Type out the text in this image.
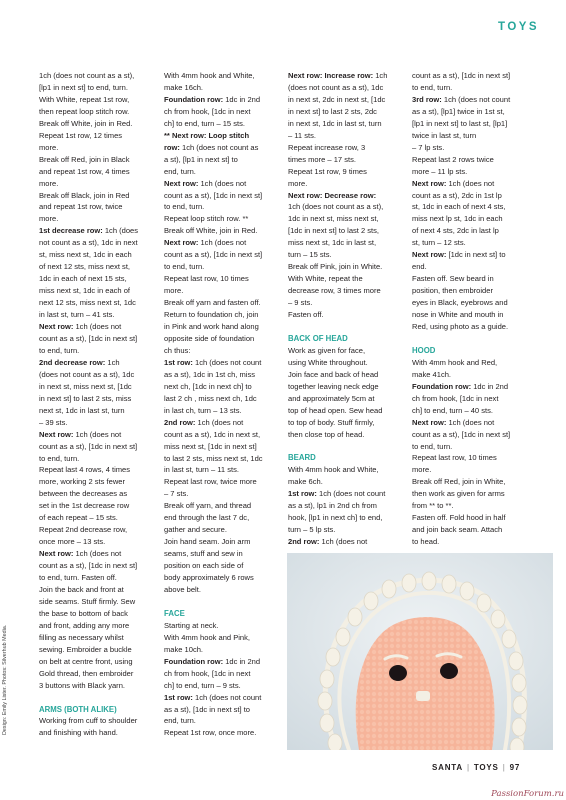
TOYS

1ch (does not count as a st),

[lp1 in next st] to end, turn.

With White, repeat 1st row,

then repeat loop stitch row.

Break off White, join in Red.

Repeat 1st row, 12 times

more.

Break off Red, join in Black

and repeat 1st row, 4 times

more.

Break off Black, join in Red

and repeat 1st row, twice

more.

1st decrease row: 1ch (does

not count as a st), 1dc in next

st, miss next st, 1dc in each

of next 12 sts, miss next st,

1dc in each of next 15 sts,

miss next st, 1dc in each of

next 12 sts, miss next st, 1dc

in last st, turn – 41 sts.

Next row: 1ch (does not

count as a st), [1dc in next st]

to end, turn.

2nd decrease row: 1ch

(does not count as a st), 1dc

in next st, miss next st, [1dc

in next st] to last 2 sts, miss

next st, 1dc in last st, turn

– 39 sts.

Next row: 1ch (does not

count as a st), [1dc in next st]

to end, turn.

Repeat last 4 rows, 4 times

more, working 2 sts fewer

between the decreases as

set in the 1st decrease row

of each repeat – 15 sts.

Repeat 2nd decrease row,

once more – 13 sts.

Next row: 1ch (does not

count as a st), [1dc in next st]

to end, turn. Fasten off.

Join the back and front at

side seams. Stuff firmly. Sew

the base to bottom of back

and front, adding any more

filling as necessary whilst

sewing. Embroider a buckle

on belt at centre front, using

Gold thread, then embroider

3 buttons with Black yarn.

ARMS (BOTH ALIKE)

Working from cuff to shoulder

and finishing with hand.

With 4mm hook and White,

make 16ch.

Foundation row: 1dc in 2nd

ch from hook, [1dc in next

ch] to end, turn – 15 sts.

** Next row: Loop stitch

row: 1ch (does not count as

a st), [lp1 in next st] to

end, turn.

Next row: 1ch (does not

count as a st), [1dc in next st]

to end, turn.

Repeat loop stitch row. **

Break off White, join in Red.

Next row: 1ch (does not

count as a st), [1dc in next st]

to end, turn.

Repeat last row, 10 times

more.

Break off yarn and fasten off.

Return to foundation ch, join

in Pink and work hand along

opposite side of foundation

ch thus:

1st row: 1ch (does not count

as a st), 1dc in 1st ch, miss

next ch, [1dc in next ch] to

last 2 ch , miss next ch, 1dc

in last ch, turn – 13 sts.

2nd row: 1ch (does not

count as a st), 1dc in next st,

miss next st, [1dc in next st]

to last 2 sts, miss next st, 1dc

in last st, turn – 11 sts.

Repeat last row, twice more

– 7 sts.

Break off yarn, and thread

end through the last 7 dc,

gather and secure.

Join hand seam. Join arm

seams, stuff and sew in

position on each side of

body approximately 6 rows

above belt.

FACE

Starting at neck.

With 4mm hook and Pink,

make 10ch.

Foundation row: 1dc in 2nd

ch from hook, [1dc in next

ch] to end, turn – 9 sts.

1st row: 1ch (does not count

as a st), [1dc in next st] to

end, turn.

Repeat 1st row, once more.

Next row: Increase row: 1ch

(does not count as a st), 1dc

in next st, 2dc in next st, [1dc

in next st] to last 2 sts, 2dc

in next st, 1dc in last st, turn

– 11 sts.

Repeat increase row, 3

times more – 17 sts.

Repeat 1st row, 9 times

more.

Next row: Decrease row:

1ch (does not count as a st),

1dc in next st, miss next st,

[1dc in next st] to last 2 sts,

miss next st, 1dc in last st,

turn – 15 sts.

Break off Pink, join in White.

With White, repeat the

decrease row, 3 times more

– 9 sts.

Fasten off.

BACK OF HEAD

Work as given for face,

using White throughout.

Join face and back of head

together leaving neck edge

and approximately 5cm at

top of head open. Sew head

to top of body. Stuff firmly,

then close top of head.

BEARD

With 4mm hook and White,

make 6ch.

1st row: 1ch (does not count

as a st), lp1 in 2nd ch from

hook, [lp1 in next ch] to end,

turn – 5 lp sts.

2nd row: 1ch (does not

count as a st), [1dc in next st]

to end, turn.

3rd row: 1ch (does not count

as a st), [lp1] twice in 1st st,

[lp1 in next st] to last st, [lp1]

twice in last st, turn

– 7 lp sts.

Repeat last 2 rows twice

more – 11 lp sts.

Next row: 1ch (does not

count as a st), 2dc in 1st lp

st, 1dc in each of next 4 sts,

miss next lp st, 1dc in each

of next 4 sts, 2dc in last lp

st, turn – 12 sts.

Next row: [1dc in next st] to

end.

Fasten off. Sew beard in

position, then embroider

eyes in Black, eyebrows and

nose in White and mouth in

Red, using photo as a guide.

HOOD

With 4mm hook and Red,

make 41ch.

Foundation row: 1dc in 2nd

ch from hook, [1dc in next

ch] to end, turn – 40 sts.

Next row: 1ch (does not

count as a st), [1dc in next st]

to end, turn.

Repeat last row, 10 times

more.

Break off Red, join in White,

then work as given for arms

from ** to **.

Fasten off. Fold hood in half

and join back seam. Attach

to head.

Design: Emily Lister. Photos: Silverhub Media.
SANTA | TOYS | 97
PassionForum.ru
